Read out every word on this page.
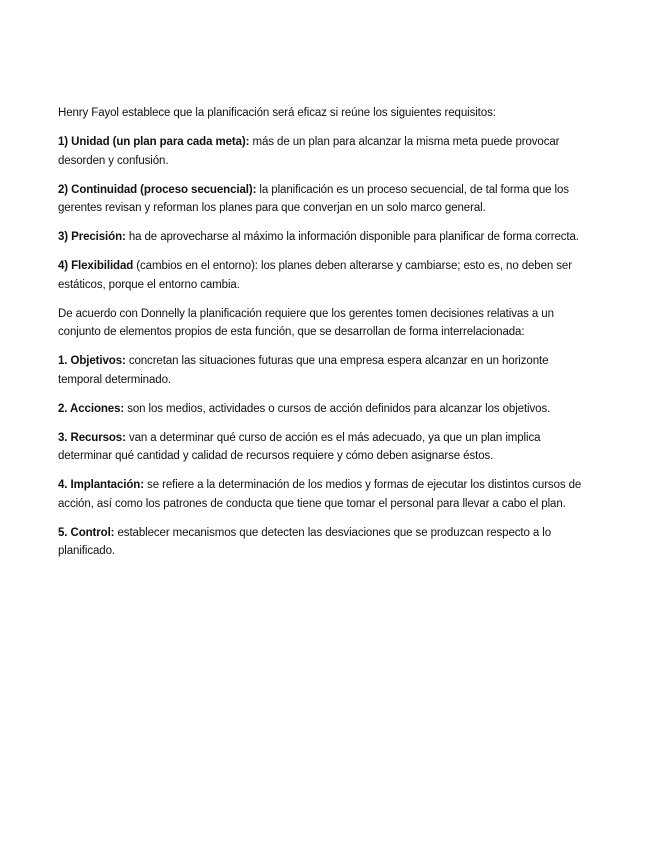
Henry Fayol establece que la planificación será eficaz si reúne los siguientes requisitos:

1) Unidad (un plan para cada meta): más de un plan para alcanzar la misma meta puede provocar desorden y confusión.

2) Continuidad (proceso secuencial): la planificación es un proceso secuencial, de tal forma que los gerentes revisan y reforman los planes para que converjan en un solo marco general.

3) Precisión: ha de aprovecharse al máximo la información disponible para planificar de forma correcta.

4) Flexibilidad (cambios en el entorno): los planes deben alterarse y cambiarse; esto es, no deben ser estáticos, porque el entorno cambia.

De acuerdo con Donnelly la planificación requiere que los gerentes tomen decisiones relativas a un conjunto de elementos propios de esta función, que se desarrollan de forma interrelacionada:

1. Objetivos: concretan las situaciones futuras que una empresa espera alcanzar en un horizonte temporal determinado.

2. Acciones: son los medios, actividades o cursos de acción definidos para alcanzar los objetivos.

3. Recursos: van a determinar qué curso de acción es el más adecuado, ya que un plan implica determinar qué cantidad y calidad de recursos requiere y cómo deben asignarse éstos.

4. Implantación: se refiere a la determinación de los medios y formas de ejecutar los distintos cursos de acción, así como los patrones de conducta que tiene que tomar el personal para llevar a cabo el plan.

5. Control: establecer mecanismos que detecten las desviaciones que se produzcan respecto a lo planificado.
